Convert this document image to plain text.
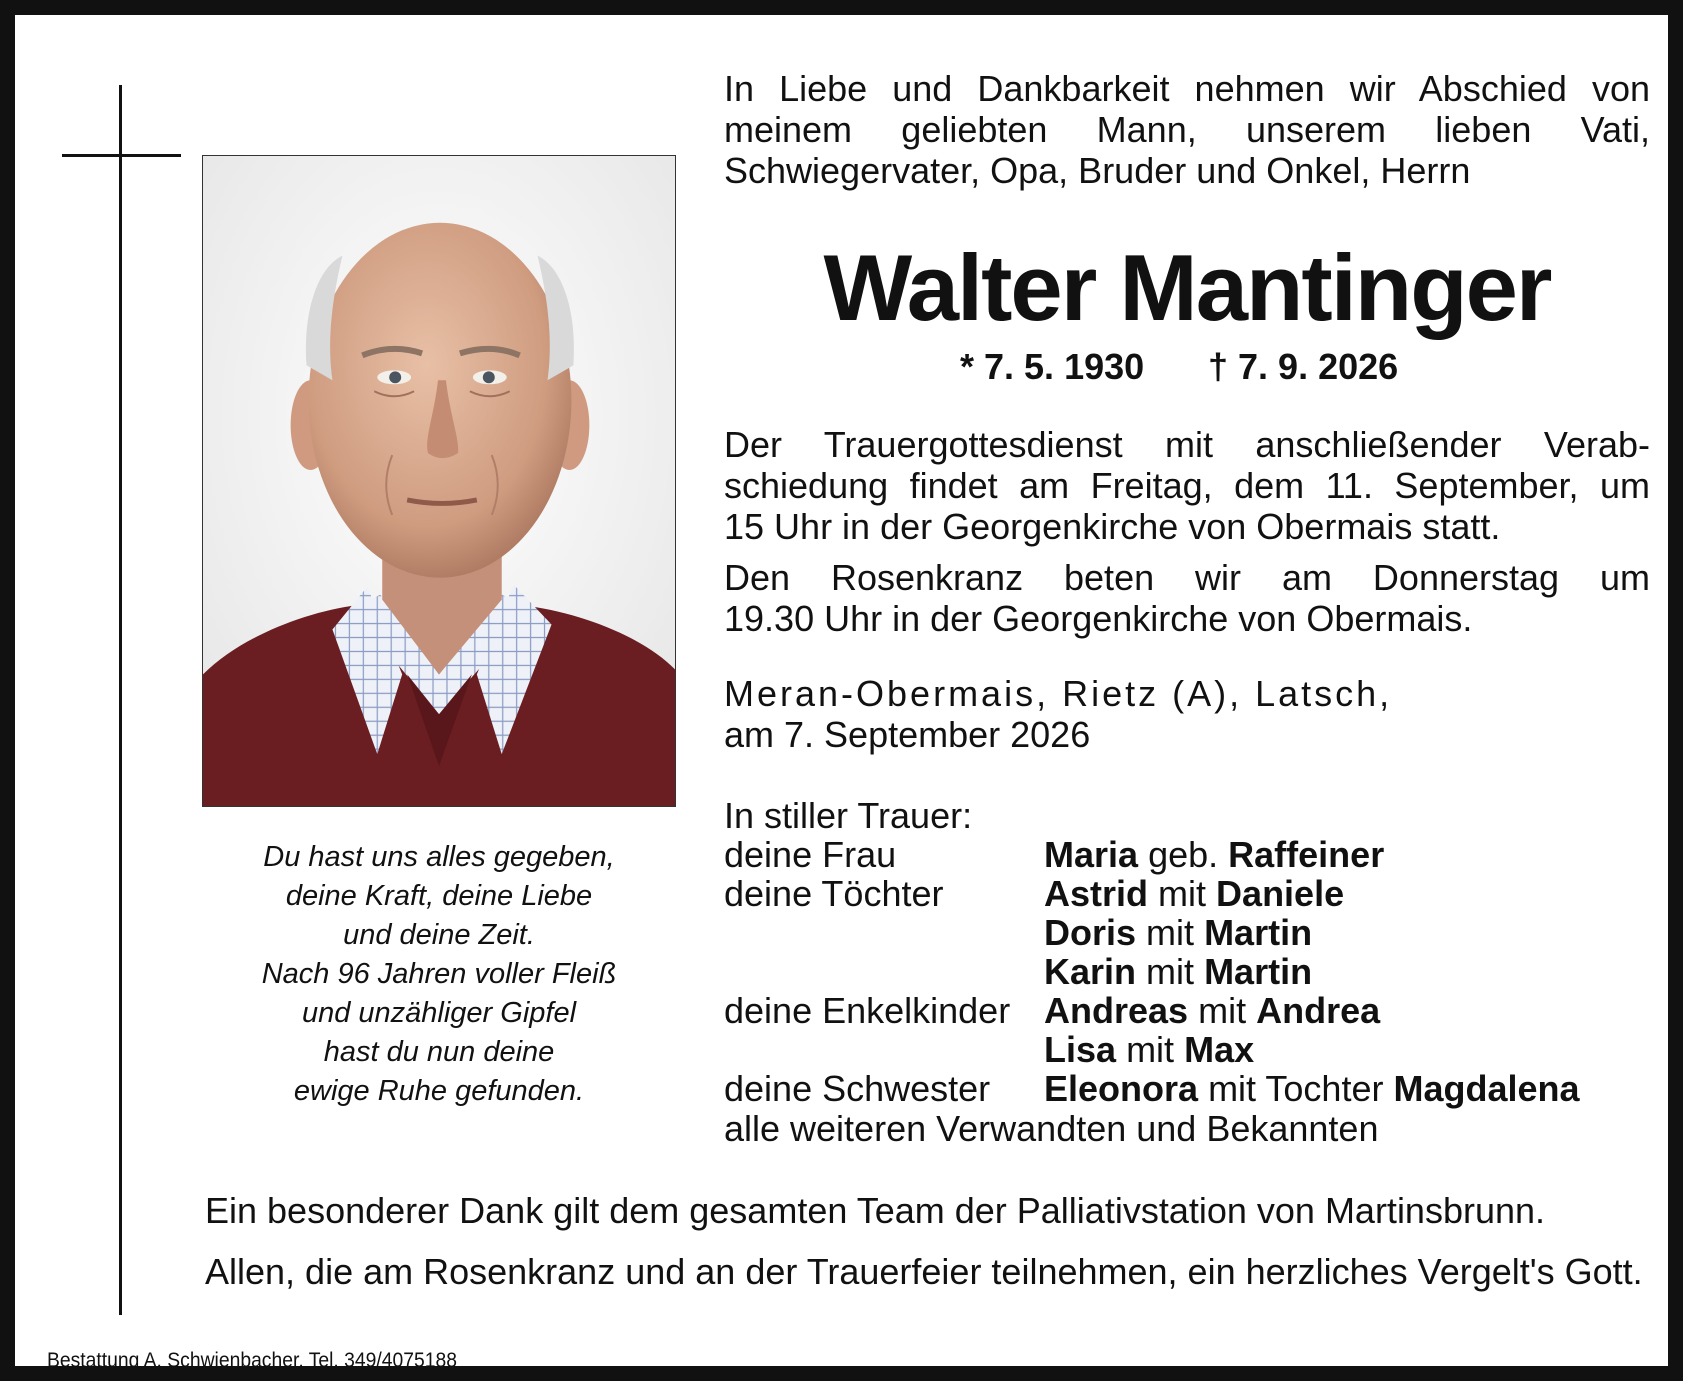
Du hast uns alles gegeben,
deine Kraft, deine Liebe
und deine Zeit.
Nach 96 Jahren voller Fleiß
und unzähliger Gipfel
hast du nun deine
ewige Ruhe gefunden.
In Liebe und Dankbarkeit nehmen wir Abschied von
meinem geliebten Mann, unserem lieben Vati,
Schwiegervater, Opa, Bruder und Onkel, Herrn
Walter Mantinger
* 7. 5. 1930 † 7. 9. 2026
Der Trauergottesdienst mit anschließender Verab-
schiedung findet am Freitag, dem 11. September, um
15 Uhr in der Georgenkirche von Obermais statt.
Den Rosenkranz beten wir am Donnerstag um
19.30 Uhr in der Georgenkirche von Obermais.
Meran-Obermais, Rietz (A), Latsch,
am 7. September 2026
In stiller Trauer:
deine Frau	Maria geb. Raffeiner
deine Töchter	Astrid mit Daniele
Doris mit Martin
Karin mit Martin
deine Enkelkinder Andreas mit Andrea
Lisa mit Max
deine Schwester Eleonora mit Tochter Magdalena
alle weiteren Verwandten und Bekannten
Ein besonderer Dank gilt dem gesamten Team der Palliativstation von Martinsbrunn.
Allen, die am Rosenkranz und an der Trauerfeier teilnehmen, ein herzliches Vergelt's Gott.
Bestattung A. Schwienbacher, Tel. 349/4075188
